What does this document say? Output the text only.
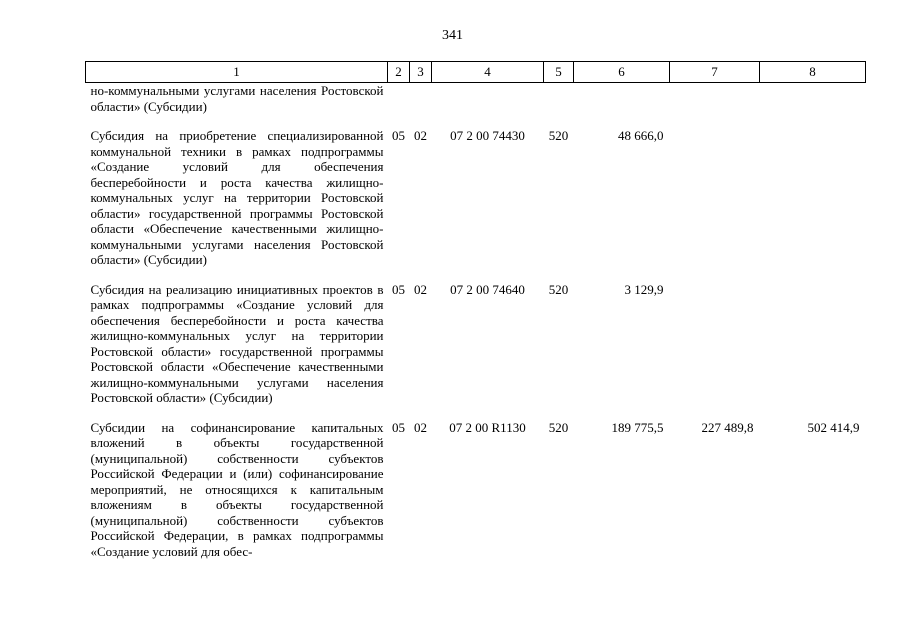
341
1	2	3	4	5	6	7	8
но-коммунальными услугами населения Ростовской области» (Субсидии)							

Субсидия на приобретение специализированной коммунальной техники в рамках подпрограммы «Создание условий для обеспечения бесперебойности и роста качества жилищно-коммунальных услуг на территории Ростовской области» государственной программы Ростовской области «Обеспечение качественными жилищно-коммунальными услугами населения Ростовской области» (Субсидии)	05	02	07 2 00 74430	520	48 666,0		

Субсидия на реализацию инициативных проектов в рамках подпрограммы «Создание условий для обеспечения бесперебойности и роста качества жилищно-коммунальных услуг на территории Ростовской области» государственной программы Ростовской области «Обеспечение качественными жилищно-коммунальными услугами населения Ростовской области» (Субсидии)	05	02	07 2 00 74640	520	3 129,9		

Субсидии на софинансирование капитальных вложений в объекты государственной (муниципальной) собственности субъектов Российской Федерации и (или) софинансирование мероприятий, не относящихся к капитальным вложениям в объекты государственной (муниципальной) собственности субъектов Российской Федерации, в рамках подпрограммы «Создание условий для обес-	05	02	07 2 00 R1130	520	189 775,5	227 489,8	502 414,9
